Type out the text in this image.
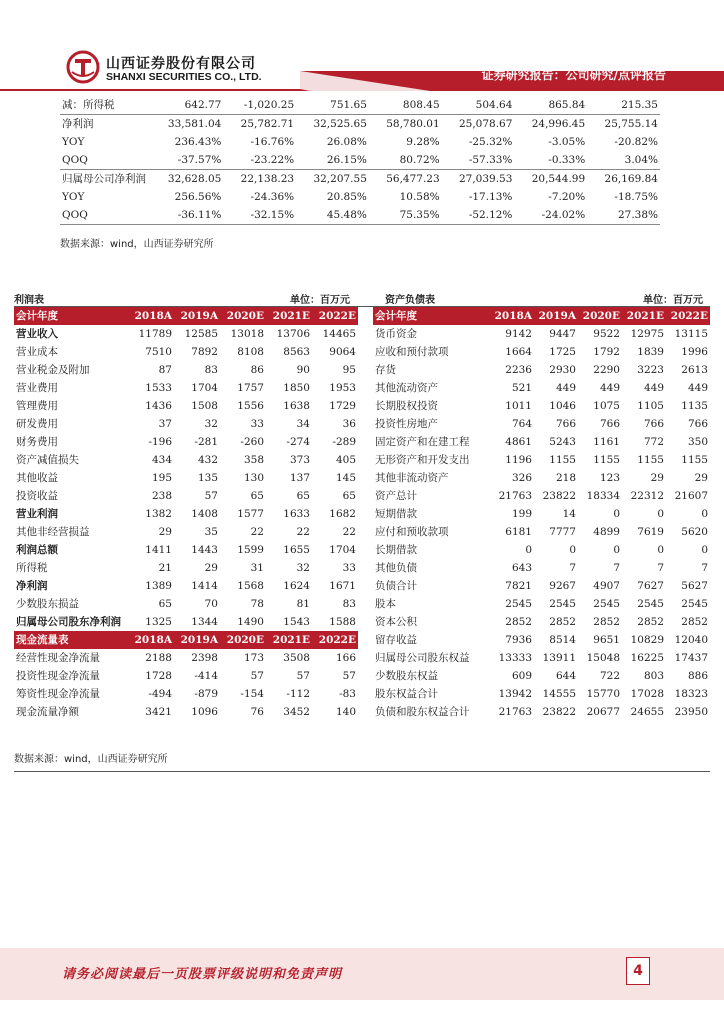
山西证券股份有限公司
SHANXI SECURITIES CO., LTD.	证券研究报告：公司研究/点评报告
减：所得税	642.77	-1,020.25	751.65	808.45	504.64	865.84	215.35
净利润	33,581.04	25,782.71	32,525.65	58,780.01	25,078.67	24,996.45	25,755.14
YOY	236.43%	-16.76%	26.08%	9.28%	-25.32%	-3.05%	-20.82%
QOQ	-37.57%	-23.22%	26.15%	80.72%	-57.33%	-0.33%	3.04%
归属母公司净利润	32,628.05	22,138.23	32,207.55	56,477.23	27,039.53	20,544.99	26,169.84
YOY	256.56%	-24.36%	20.85%	10.58%	-17.13%	-7.20%	-18.75%
QOQ	-36.11%	-32.15%	45.48%	75.35%	-52.12%	-24.02%	27.38%
数据来源：wind，山西证券研究所
利润表	单位：百万元	资产负债表	单位：百万元
会计年度	2018A	2019A	2020E	2021E	2022E
营业收入	11789	12585	13018	13706	14465
营业成本	7510	7892	8108	8563	9064
营业税金及附加	87	83	86	90	95
营业费用	1533	1704	1757	1850	1953
管理费用	1436	1508	1556	1638	1729
研发费用	37	32	33	34	36
财务费用	-196	-281	-260	-274	-289
资产减值损失	434	432	358	373	405
其他收益	195	135	130	137	145
投资收益	238	57	65	65	65
营业利润	1382	1408	1577	1633	1682
其他非经营损益	29	35	22	22	22
利润总额	1411	1443	1599	1655	1704
所得税	21	29	31	32	33
净利润	1389	1414	1568	1624	1671
少数股东损益	65	70	78	81	83
归属母公司股东净利润	1325	1344	1490	1543	1588
现金流量表	2018A	2019A	2020E	2021E	2022E
经营性现金净流量	2188	2398	173	3508	166
投资性现金净流量	1728	-414	57	57	57
筹资性现金净流量	-494	-879	-154	-112	-83
现金流量净额	3421	1096	76	3452	140
会计年度	2018A	2019A	2020E	2021E	2022E
货币资金	9142	9447	9522	12975	13115
应收和预付款项	1664	1725	1792	1839	1996
存货	2236	2930	2290	3223	2613
其他流动资产	521	449	449	449	449
长期股权投资	1011	1046	1075	1105	1135
投资性房地产	764	766	766	766	766
固定资产和在建工程	4861	5243	1161	772	350
无形资产和开发支出	1196	1155	1155	1155	1155
其他非流动资产	326	218	123	29	29
资产总计	21763	23822	18334	22312	21607
短期借款	199	14	0	0	0
应付和预收款项	6181	7777	4899	7619	5620
长期借款	0	0	0	0	0
其他负债	643	7	7	7	7
负债合计	7821	9267	4907	7627	5627
股本	2545	2545	2545	2545	2545
资本公积	2852	2852	2852	2852	2852
留存收益	7936	8514	9651	10829	12040
归属母公司股东权益	13333	13911	15048	16225	17437
少数股东权益	609	644	722	803	886
股东权益合计	13942	14555	15770	17028	18323
负债和股东权益合计	21763	23822	20677	24655	23950
数据来源：wind，山西证券研究所
请务必阅读最后一页股票评级说明和免责声明	4
